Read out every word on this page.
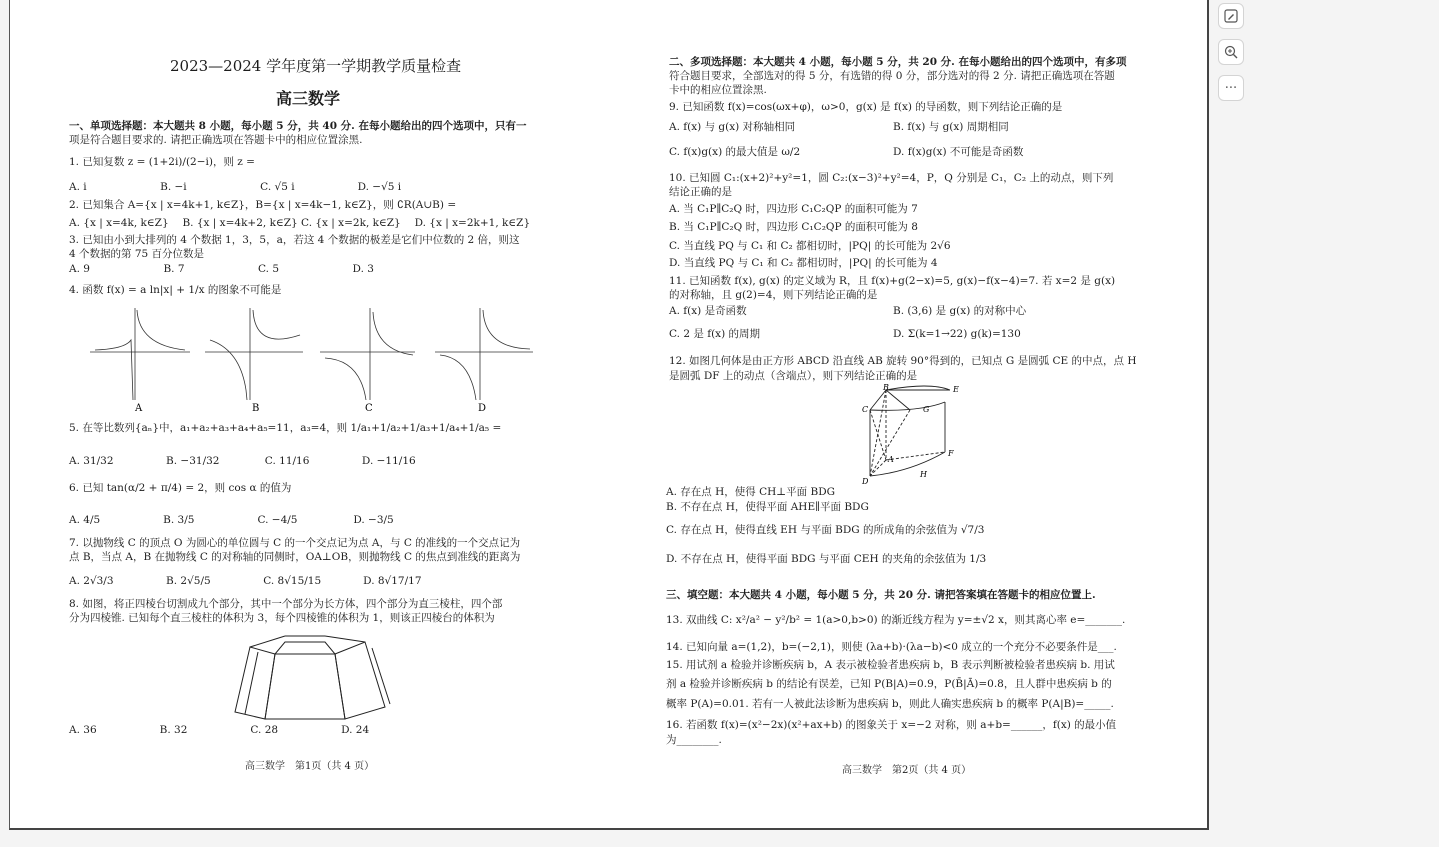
2023—2024 学年度第一学期教学质量检查
高三数学
一、单项选择题：本大题共 8 小题，每小题 5 分，共 40 分. 在每小题给出的四个选项中，只有一
项是符合题目要求的. 请把正确选项在答题卡中的相应位置涂黑.
1. 已知复数 z = (1+2i)/(2−i)，则 z =
A. i　　　　　　　B. −i　　　　　　　C. √5 i　　　　　　D. −√5 i
2. 已知集合 A={x | x=4k+1, k∈Z}，B={x | x=4k−1, k∈Z}，则 ∁R(A∪B) =
A. {x | x=4k, k∈Z}　 B. {x | x=4k+2, k∈Z} C. {x | x=2k, k∈Z}　 D. {x | x=2k+1, k∈Z}
3. 已知由小到大排列的 4 个数据 1，3，5，a，若这 4 个数据的极差是它们中位数的 2 倍，则这
4 个数据的第 75 百分位数是
A. 9　　　　　　　B. 7　　　　　　　C. 5　　　　　　　D. 3
4. 函数 f(x) = a ln|x| + 1/x 的图象不可能是
A	B	C	D
5. 在等比数列{aₙ}中，a₁+a₂+a₃+a₄+a₅=11，a₃=4，则 1/a₁+1/a₂+1/a₃+1/a₄+1/a₅ =
A. 31/32　　　　　B. −31/32　　　　 C. 11/16　　　　　D. −11/16
6. 已知 tan(α/2 + π/4) = 2，则 cos α 的值为
A. 4/5　　　　　　B. 3/5　　　　　　C. −4/5　　　　　 D. −3/5
7. 以抛物线 C 的顶点 O 为圆心的单位圆与 C 的一个交点记为点 A，与 C 的准线的一个交点记为
点 B，当点 A，B 在抛物线 C 的对称轴的同侧时，OA⊥OB，则抛物线 C 的焦点到准线的距离为
A. 2√3/3　　　　　B. 2√5/5　　　　　C. 8√15/15　　　　D. 8√17/17
8. 如图，将正四棱台切割成九个部分，其中一个部分为长方体，四个部分为直三棱柱，四个部
分为四棱锥. 已知每个直三棱柱的体积为 3，每个四棱锥的体积为 1，则该正四棱台的体积为
A. 36　　　　　　B. 32　　　　　　C. 28　　　　　　D. 24
高三数学　第1页（共 4 页）
二、多项选择题：本大题共 4 小题，每小题 5 分，共 20 分. 在每小题给出的四个选项中，有多项
符合题目要求，全部选对的得 5 分，有选错的得 0 分，部分选对的得 2 分. 请把正确选项在答题
卡中的相应位置涂黑.
9. 已知函数 f(x)=cos(ωx+φ)，ω>0，g(x) 是 f(x) 的导函数，则下列结论正确的是
A. f(x) 与 g(x) 对称轴相同	B. f(x) 与 g(x) 周期相同
C. f(x)g(x) 的最大值是 ω/2	D. f(x)g(x) 不可能是奇函数
10. 已知圆 C₁:(x+2)²+y²=1，圆 C₂:(x−3)²+y²=4，P，Q 分别是 C₁，C₂ 上的动点，则下列
结论正确的是
A. 当 C₁P∥C₂Q 时，四边形 C₁C₂QP 的面积可能为 7
B. 当 C₁P∥C₂Q 时，四边形 C₁C₂QP 的面积可能为 8
C. 当直线 PQ 与 C₁ 和 C₂ 都相切时，|PQ| 的长可能为 2√6
D. 当直线 PQ 与 C₁ 和 C₂ 都相切时，|PQ| 的长可能为 4
11. 已知函数 f(x), g(x) 的定义域为 R，且 f(x)+g(2−x)=5, g(x)−f(x−4)=7. 若 x=2 是 g(x)
的对称轴，且 g(2)=4，则下列结论正确的是
A. f(x) 是奇函数	B. (3,6) 是 g(x) 的对称中心
C. 2 是 f(x) 的周期	D. Σ(k=1→22) g(k)=130
12. 如图几何体是由正方形 ABCD 沿直线 AB 旋转 90°得到的，已知点 G 是圆弧 CE 的中点，点 H
是圆弧 DF 上的动点（含端点），则下列结论正确的是
B	E
C	G
A
F
H
D
A. 存在点 H，使得 CH⊥平面 BDG
B. 不存在点 H，使得平面 AHE∥平面 BDG
C. 存在点 H，使得直线 EH 与平面 BDG 的所成角的余弦值为 √7/3
D. 不存在点 H，使得平面 BDG 与平面 CEH 的夹角的余弦值为 1/3
三、填空题：本大题共 4 小题，每小题 5 分，共 20 分. 请把答案填在答题卡的相应位置上.
13. 双曲线 C: x²/a² − y²/b² = 1(a>0,b>0) 的渐近线方程为 y=±√2 x，则其离心率 e=_______.
14. 已知向量 a=(1,2)，b=(−2,1)，则使 (λa+b)·(λa−b)<0 成立的一个充分不必要条件是___.
15. 用试剂 a 检验并诊断疾病 b，A 表示被检验者患疾病 b，B 表示判断被检验者患疾病 b. 用试
剂 a 检验并诊断疾病 b 的结论有误差，已知 P(B|A)=0.9，P(B̄|Ā)=0.8，且人群中患疾病 b 的
概率 P(A)=0.01. 若有一人被此法诊断为患疾病 b，则此人确实患疾病 b 的概率 P(A|B)=_____.
16. 若函数 f(x)=(x²−2x)(x²+ax+b) 的图象关于 x=−2 对称，则 a+b=______，f(x) 的最小值
为________.
高三数学　第2页（共 4 页）
···
